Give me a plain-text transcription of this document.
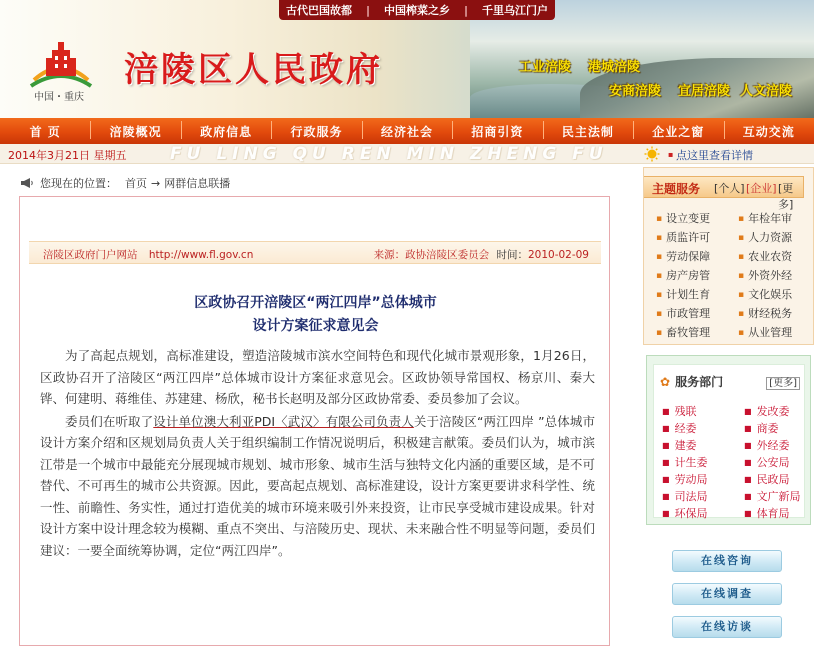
古代巴国故都 | 中国榨菜之乡 | 千里乌江门户
中国・重庆
涪陵区人民政府	工业涪陵 港城涪陵
安商涪陵 宜居涪陵 人文涪陵
首 页	涪陵概况	政府信息	行政服务	经济社会	招商引资	民主法制	企业之窗	互动交流
2014年3月21日 星期五	FU LING QU REN MIN ZHENG FU	▪ 点这里查看详情
您现在的位置： 首页 → 网群信息联播
涪陵区政府门户网站 http://www.fl.gov.cn	来源：政协涪陵区委员会 时间：2010-02-09
区政协召开涪陵区“两江四岸”总体城市
设计方案征求意见会

为了高起点规划，高标准建设，塑造涪陵城市滨水空间特色和现代化城市景观形象，1月26日，区政协召开了涪陵区“两江四岸”总体城市设计方案征求意见会。区政协领导常国权、杨京川、秦大铧、何建明、蒋维佳、苏建建、杨欣，秘书长赵明及部分区政协常委、委员参加了会议。

委员们在听取了设计单位澳大利亚PDI〈武汉〉有限公司负责人关于涪陵区“两江四岸 ”总体城市设计方案介绍和区规划局负责人关于组织编制工作情况说明后，积极建言献策。委员们认为，城市滨江带是一个城市中最能充分展现城市规划、城市形象、城市生活与独特文化内涵的重要区域，是不可替代、不可再生的城市公共资源。因此，要高起点规划、高标准建设，设计方案更要讲求科学性、统一性、前瞻性、务实性，通过打造优美的城市环境来吸引外来投资，让市民享受城市建设成果。针对设计方案中设计理念较为模糊、重点不突出、与涪陵历史、现状、未来融合性不明显等问题，委员们建议：一要全面统筹协调，定位“两江四岸”。

主题服务 [个人] [企业] [更多]
▪ 设立变更	▪ 年检年审
▪ 质监许可	▪ 人力资源
▪ 劳动保障	▪ 农业农资
▪ 房产房管	▪ 外资外经
▪ 计划生育	▪ 文化娱乐
▪ 市政管理	▪ 财经税务
▪ 畜牧管理	▪ 从业管理
✿ 服务部门	[更多]
■ 残联	■ 发改委
■ 经委	■ 商委
■ 建委	■ 外经委
■ 计生委	■ 公安局
■ 劳动局	■ 民政局
■ 司法局	■ 文广新局
■ 环保局	■ 体育局
在线咨询
在线调查
在线访谈
